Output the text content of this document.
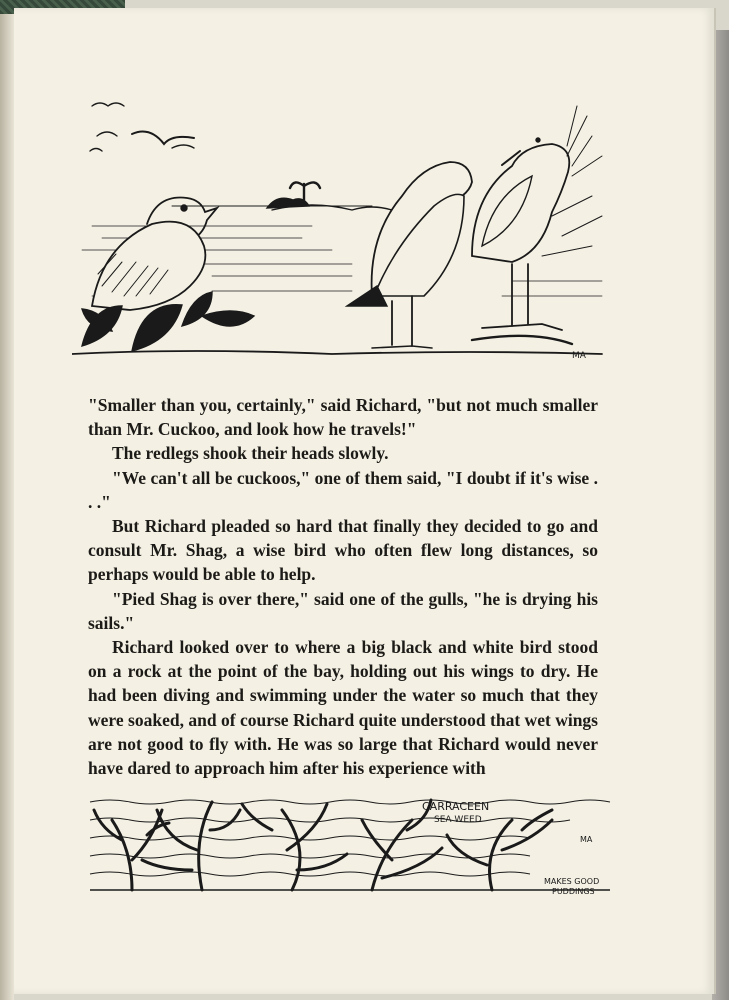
MA

"Smaller than you, certainly," said Richard, "but not much smaller than Mr. Cuckoo, and look how he travels!"

The redlegs shook their heads slowly.

"We can't all be cuckoos," one of them said, "I doubt if it's wise . . ."

But Richard pleaded so hard that finally they decided to go and consult Mr. Shag, a wise bird who often flew long distances, so perhaps would be able to help.

"Pied Shag is over there," said one of the gulls, "he is drying his sails."

Richard looked over to where a big black and white bird stood on a rock at the point of the bay, holding out his wings to dry. He had been diving and swimming under the water so much that they were soaked, and of course Richard quite understood that wet wings are not good to fly with. He was so large that Richard would never have dared to approach him after his experience with

CARRACEEN
SEA WEED
MA
MAKES GOOD
PUDDINGS
